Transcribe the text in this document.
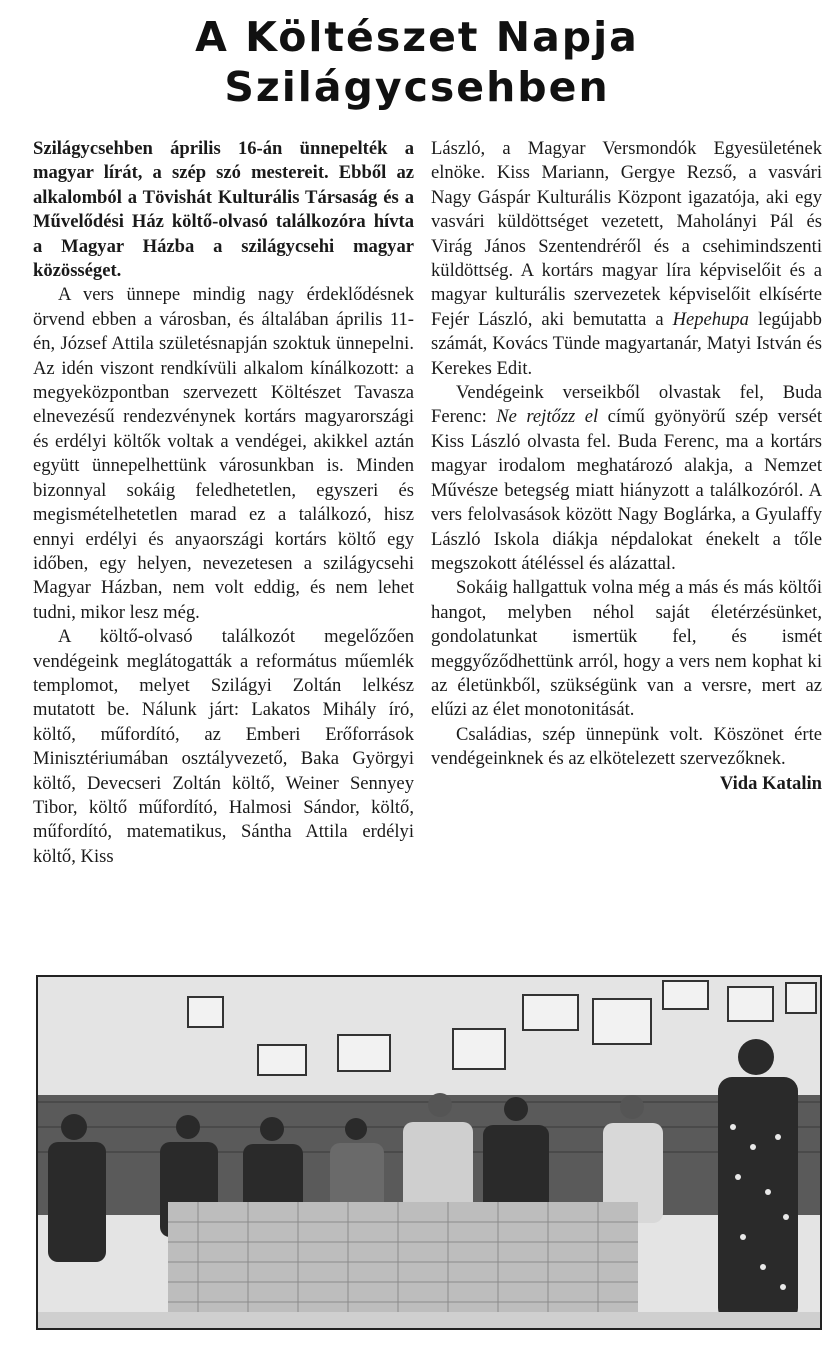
A Költészet Napja
Szilágycsehben

Szilágycsehben április 16-án ünnepelték a magyar lírát, a szép szó mestereit. Ebből az alkalomból a Tövishát Kulturális Társaság és a Művelődési Ház költő-olvasó találkozóra hívta a Magyar Házba a szilágycsehi magyar közösséget.

A vers ünnepe mindig nagy érdeklődésnek örvend ebben a városban, és általában április 11-én, József Attila születésnapján szoktuk ünnepelni. Az idén viszont rendkívüli alkalom kínálkozott: a megyeközpontban szervezett Költészet Tavasza elnevezésű rendezvénynek kortárs magyarországi és erdélyi költők voltak a vendégei, akikkel aztán együtt ünnepelhettünk városunkban is. Minden bizonnyal sokáig feledhetetlen, egyszeri és megismételhetetlen marad ez a találkozó, hisz ennyi erdélyi és anyaországi kortárs költő egy időben, egy helyen, nevezetesen a szilágycsehi Magyar Házban, nem volt eddig, és nem lehet tudni, mikor lesz még.

A költő-olvasó találkozót megelőzően vendégeink meglátogatták a református műemlék templomot, melyet Szilágyi Zoltán lelkész mutatott be. Nálunk járt: Lakatos Mihály író, költő, műfordító, az Emberi Erőforrások Minisztériumában osztályvezető, Baka Györgyi költő, Devecseri Zoltán költő, Weiner Sennyey Tibor, költő műfordító, Halmosi Sándor, költő, műfordító, matematikus, Sántha Attila erdélyi költő, Kiss

László, a Magyar Versmondók Egyesületének elnöke. Kiss Mariann, Gergye Rezső, a vasvári Nagy Gáspár Kulturális Központ igazatója, aki egy vasvári küldöttséget vezetett, Maholányi Pál és Virág János Szentendréről és a csehimindszenti küldöttség. A kortárs magyar líra képviselőit és a magyar kulturális szervezetek képviselőit elkísérte Fejér László, aki bemutatta a Hepehupa legújabb számát, Kovács Tünde magyartanár, Matyi István és Kerekes Edit.

Vendégeink verseikből olvastak fel, Buda Ferenc: Ne rejtőzz el című gyönyörű szép versét Kiss László olvasta fel. Buda Ferenc, ma a kortárs magyar irodalom meghatározó alakja, a Nemzet Művésze betegség miatt hiányzott a találkozóról. A vers felolvasások között Nagy Boglárka, a Gyulaffy László Iskola diákja népdalokat énekelt a tőle megszokott átéléssel és alázattal.

Sokáig hallgattuk volna még a más és más költői hangot, melyben néhol saját életérzésünket, gondolatunkat ismertük fel, és ismét meggyőződhettünk arról, hogy a vers nem kophat ki az életünkből, szükségünk van a versre, mert az elűzi az élet monotonitását.

Családias, szép ünnepünk volt. Köszönet érte vendégeinknek és az elkötelezett szervezőknek.

Vida Katalin
